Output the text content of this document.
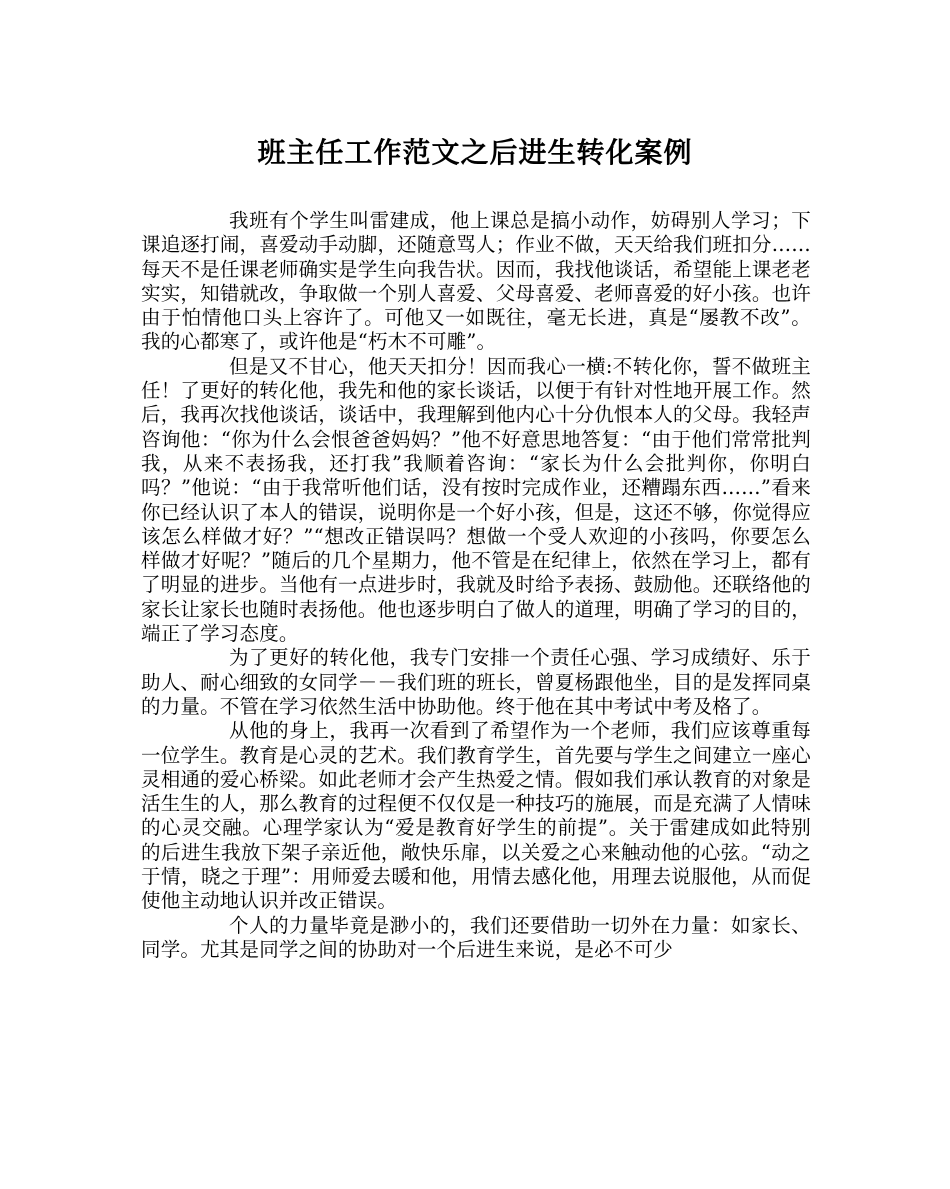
班主任工作范文之后进生转化案例

我班有个学生叫雷建成，他上课总是搞小动作，妨碍别人学习；下课追逐打闹，喜爱动手动脚，还随意骂人；作业不做，天天给我们班扣分……每天不是任课老师确实是学生向我告状。因而，我找他谈话，希望能上课老老实实，知错就改，争取做一个别人喜爱、父母喜爱、老师喜爱的好小孩。也许由于怕情他口头上容许了。可他又一如既往，毫无长进，真是“屡教不改”。我的心都寒了，或许他是“朽木不可雕”。

但是又不甘心，他天天扣分！因而我心一横:不转化你，誓不做班主任！了更好的转化他，我先和他的家长谈话，以便于有针对性地开展工作。然后，我再次找他谈话，谈话中，我理解到他内心十分仇恨本人的父母。我轻声咨询他：“你为什么会恨爸爸妈妈？”他不好意思地答复：“由于他们常常批判我，从来不表扬我，还打我”我顺着咨询：“家长为什么会批判你，你明白吗？”他说：“由于我常听他们话，没有按时完成作业，还糟蹋东西……”看来你已经认识了本人的错误，说明你是一个好小孩，但是，这还不够，你觉得应该怎么样做才好？”“想改正错误吗？想做一个受人欢迎的小孩吗，你要怎么样做才好呢？”随后的几个星期力，他不管是在纪律上，依然在学习上，都有了明显的进步。当他有一点进步时，我就及时给予表扬、鼓励他。还联络他的家长让家长也随时表扬他。他也逐步明白了做人的道理，明确了学习的目的，端正了学习态度。

为了更好的转化他，我专门安排一个责任心强、学习成绩好、乐于助人、耐心细致的女同学－－我们班的班长，曾夏杨跟他坐，目的是发挥同桌的力量。不管在学习依然生活中协助他。终于他在其中考试中考及格了。

从他的身上，我再一次看到了希望作为一个老师，我们应该尊重每一位学生。教育是心灵的艺术。我们教育学生，首先要与学生之间建立一座心灵相通的爱心桥梁。如此老师才会产生热爱之情。假如我们承认教育的对象是活生生的人，那么教育的过程便不仅仅是一种技巧的施展，而是充满了人情味的心灵交融。心理学家认为“爱是教育好学生的前提”。关于雷建成如此特别的后进生我放下架子亲近他，敞快乐扉，以关爱之心来触动他的心弦。“动之于情，晓之于理”：用师爱去暖和他，用情去感化他，用理去说服他，从而促使他主动地认识并改正错误。

个人的力量毕竟是渺小的，我们还要借助一切外在力量：如家长、同学。尤其是同学之间的协助对一个后进生来说，是必不可少
